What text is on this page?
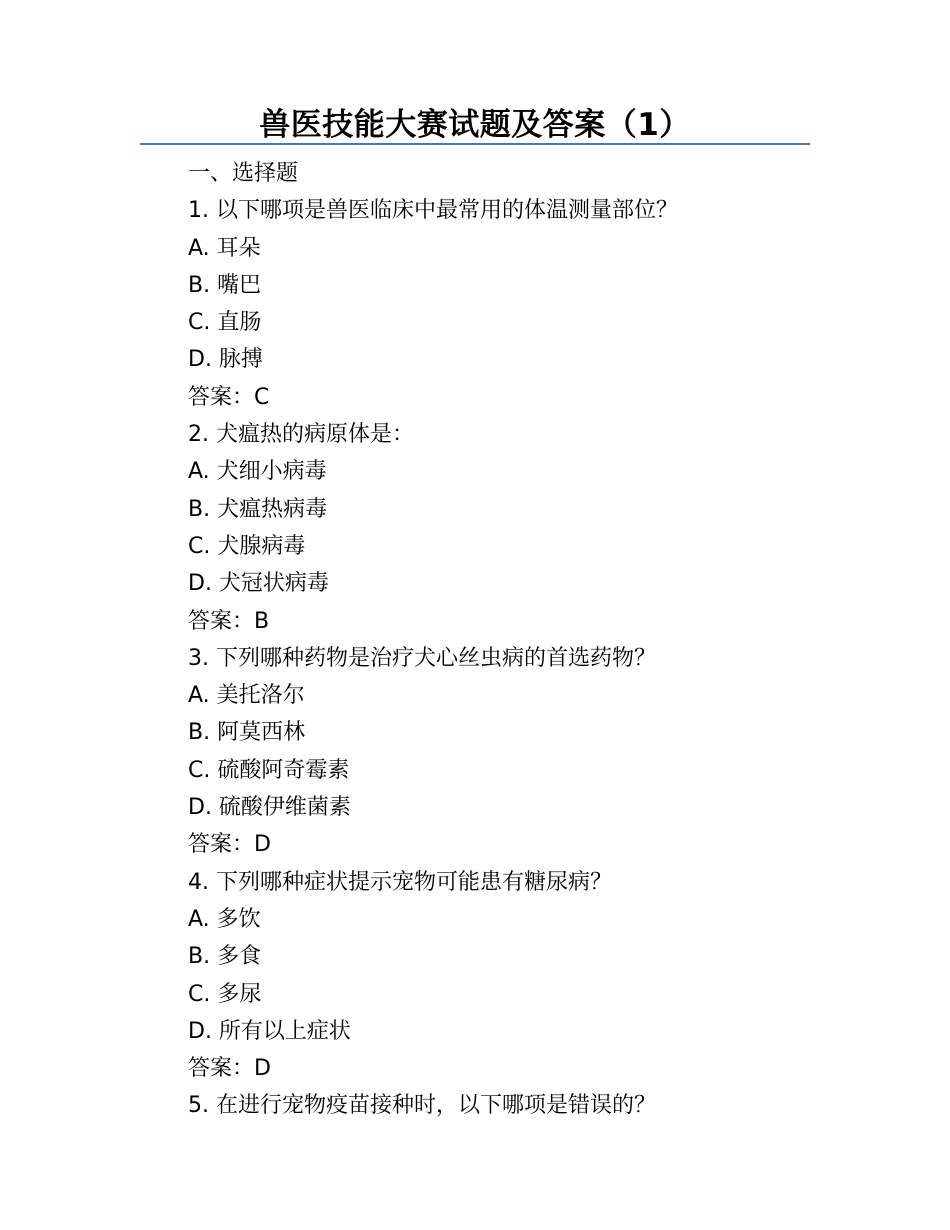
兽医技能大赛试题及答案（1）
一、选择题
1. 以下哪项是兽医临床中最常用的体温测量部位？
A. 耳朵
B. 嘴巴
C. 直肠
D. 脉搏
答案：C
2. 犬瘟热的病原体是：
A. 犬细小病毒
B. 犬瘟热病毒
C. 犬腺病毒
D. 犬冠状病毒
答案：B
3. 下列哪种药物是治疗犬心丝虫病的首选药物？
A. 美托洛尔
B. 阿莫西林
C. 硫酸阿奇霉素
D. 硫酸伊维菌素
答案：D
4. 下列哪种症状提示宠物可能患有糖尿病？
A. 多饮
B. 多食
C. 多尿
D. 所有以上症状
答案：D
5. 在进行宠物疫苗接种时，以下哪项是错误的？
